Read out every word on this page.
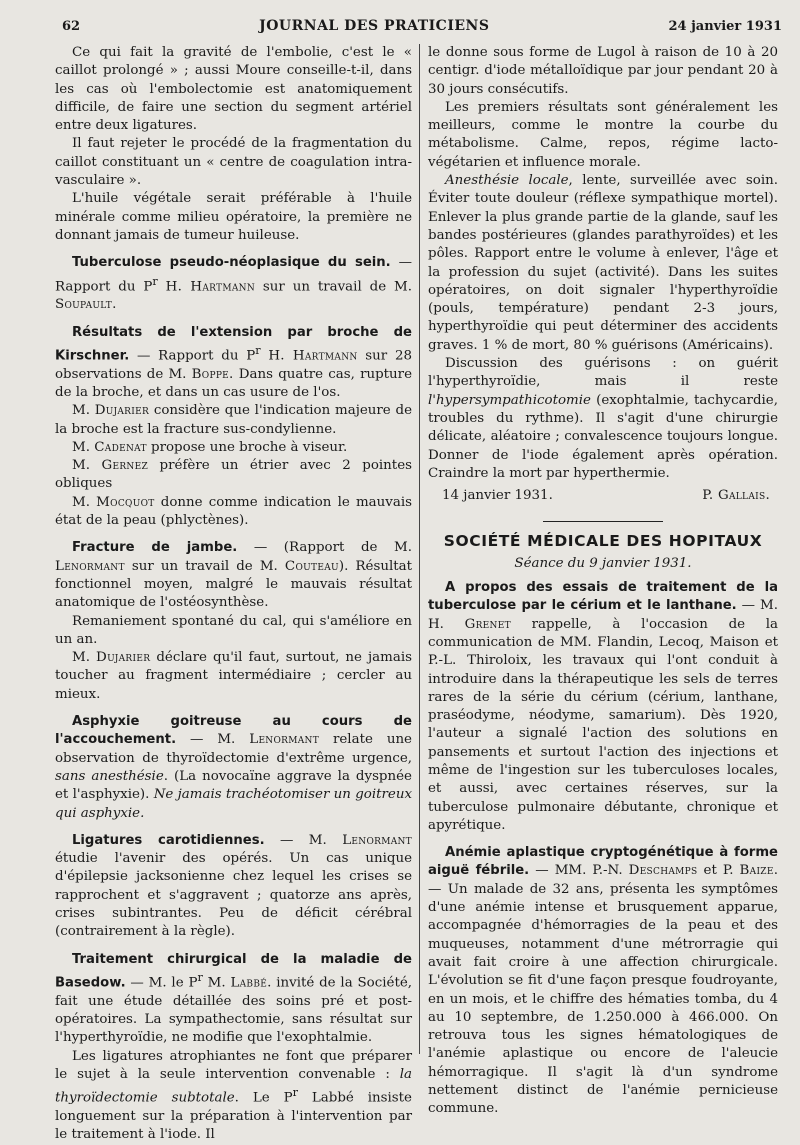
62	JOURNAL DES PRATICIENS	24 janvier 1931

Ce qui fait la gravité de l'embolie, c'est le « caillot prolongé » ; aussi Moure conseille-t-il, dans les cas où l'embolectomie est anatomiquement difficile, de faire une section du segment artériel entre deux ligatures.

Il faut rejeter le procédé de la fragmentation du caillot constituant un « centre de coagulation intra-vasculaire ».

L'huile végétale serait préférable à l'huile minérale comme milieu opératoire, la première ne donnant jamais de tumeur huileuse.

Tuberculose pseudo-néoplasique du sein. — Rapport du $P^r$ H. Hartmann sur un travail de M. Soupault.

Résultats de l'extension par broche de Kirschner. — Rapport du $P^r$ H. Hartmann sur 28 observations de M. Boppe. Dans quatre cas, rupture de la broche, et dans un cas usure de l'os.

M. Dujarier considère que l'indication majeure de la broche est la fracture sus-condylienne.

M. Cadenat propose une broche à viseur.

M. Gernez préfère un étrier avec 2 pointes obliques

M. Mocquot donne comme indication le mauvais état de la peau (phlyctènes).

Fracture de jambe. — (Rapport de M. Lenormant sur un travail de M. Couteau). Résultat fonctionnel moyen, malgré le mauvais résultat anatomique de l'ostéosynthèse.

Remaniement spontané du cal, qui s'améliore en un an.

M. Dujarier déclare qu'il faut, surtout, ne jamais toucher au fragment intermédiaire ; cercler au mieux.

Asphyxie goitreuse au cours de l'accouchement. — M. Lenormant relate une observation de thyroïdectomie d'extrême urgence, sans anesthésie. (La novocaïne aggrave la dyspnée et l'asphyxie). Ne jamais trachéotomiser un goitreux qui asphyxie.

Ligatures carotidiennes. — M. Lenormant étudie l'avenir des opérés. Un cas unique d'épilepsie jacksonienne chez lequel les crises se rapprochent et s'aggravent ; quatorze ans après, crises subintrantes. Peu de déficit cérébral (contrairement à la règle).

Traitement chirurgical de la maladie de Basedow. — M. le $P^r$ M. Labbé. invité de la Société, fait une étude détaillée des soins pré et post-opératoires. La sympathectomie, sans résultat sur l'hyperthyroïdie, ne modifie que l'exophtalmie.

Les ligatures atrophiantes ne font que préparer le sujet à la seule intervention convenable : la thyroïdectomie subtotale. Le $P^r$ Labbé insiste longuement sur la préparation à l'intervention par le traitement à l'iode. Il

le donne sous forme de Lugol à raison de 10 à 20 centigr. d'iode métalloïdique par jour pendant 20 à 30 jours consécutifs.

Les premiers résultats sont généralement les meilleurs, comme le montre la courbe du métabolisme. Calme, repos, régime lacto-végétarien et influence morale.

Anesthésie locale, lente, surveillée avec soin. Éviter toute douleur (réflexe sympathique mortel). Enlever la plus grande partie de la glande, sauf les bandes postérieures (glandes parathyroïdes) et les pôles. Rapport entre le volume à enlever, l'âge et la profession du sujet (activité). Dans les suites opératoires, on doit signaler l'hyperthyroïdie (pouls, température) pendant 2-3 jours, hyperthyroïdie qui peut déterminer des accidents graves. 1 % de mort, 80 % guérisons (Américains).

Discussion des guérisons : on guérit l'hyperthyroïdie, mais il reste l'hypersympathicotomie (exophtalmie, tachycardie, troubles du rythme). Il s'agit d'une chirurgie délicate, aléatoire ; convalescence toujours longue. Donner de l'iode également après opération. Craindre la mort par hyperthermie.

14 janvier 1931.	P. Gallais.
SOCIÉTÉ MÉDICALE DES HOPITAUX
Séance du 9 janvier 1931.

A propos des essais de traitement de la tuberculose par le cérium et le lanthane. — M. H. Grenet rappelle, à l'occasion de la communication de MM. Flandin, Lecoq, Maison et P.-L. Thiroloix, les travaux qui l'ont conduit à introduire dans la thérapeutique les sels de terres rares de la série du cérium (cérium, lanthane, praséodyme, néodyme, samarium). Dès 1920, l'auteur a signalé l'action des solutions en pansements et surtout l'action des injections et même de l'ingestion sur les tuberculoses locales, et aussi, avec certaines réserves, sur la tuberculose pulmonaire débutante, chronique et apyrétique.

Anémie aplastique cryptogénétique à forme aiguë fébrile. — MM. P.-N. Deschamps et P. Baize. — Un malade de 32 ans, présenta les symptômes d'une anémie intense et brusquement apparue, accompagnée d'hémorragies de la peau et des muqueuses, notamment d'une métrorragie qui avait fait croire à une affection chirurgicale. L'évolution se fit d'une façon presque foudroyante, en un mois, et le chiffre des hématies tomba, du 4 au 10 septembre, de 1.250.000 à 466.000. On retrouva tous les signes hématologiques de l'anémie aplastique ou encore de l'aleucie hémorragique. Il s'agit là d'un syndrome nettement distinct de l'anémie pernicieuse commune.
